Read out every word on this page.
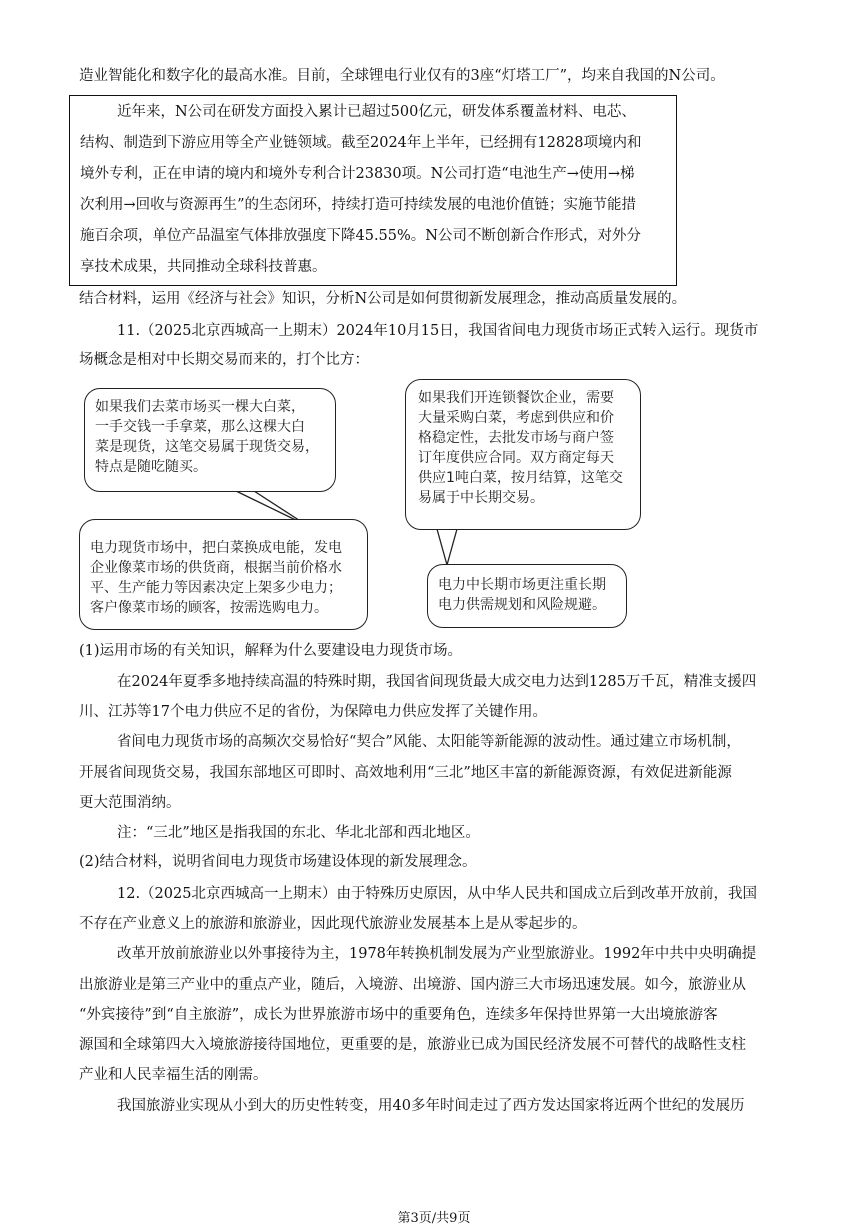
造业智能化和数字化的最高水准。目前，全球锂电行业仅有的3座“灯塔工厂”，均来自我国的N公司。
近年来，N公司在研发方面投入累计已超过500亿元，研发体系覆盖材料、电芯、
结构、制造到下游应用等全产业链领域。截至2024年上半年，已经拥有12828项境内和
境外专利，正在申请的境内和境外专利合计23830项。N公司打造“电池生产→使用→梯
次利用→回收与资源再生”的生态闭环，持续打造可持续发展的电池价值链；实施节能措
施百余项，单位产品温室气体排放强度下降45.55%。N公司不断创新合作形式，对外分
享技术成果，共同推动全球科技普惠。
结合材料，运用《经济与社会》知识，分析N公司是如何贯彻新发展理念，推动高质量发展的。
11.（2025北京西城高一上期末）2024年10月15日，我国省间电力现货市场正式转入运行。现货市
场概念是相对中长期交易而来的，打个比方：
如果我们去菜市场买一棵大白菜，
一手交钱一手拿菜，那么这棵大白
菜是现货，这笔交易属于现货交易，
特点是随吃随买。
如果我们开连锁餐饮企业，需要
大量采购白菜，考虑到供应和价
格稳定性，去批发市场与商户签
订年度供应合同。双方商定每天
供应1吨白菜，按月结算，这笔交
易属于中长期交易。
电力现货市场中，把白菜换成电能，发电
企业像菜市场的供货商，根据当前价格水
平、生产能力等因素决定上架多少电力；
客户像菜市场的顾客，按需选购电力。
电力中长期市场更注重长期
电力供需规划和风险规避。
(1)运用市场的有关知识，解释为什么要建设电力现货市场。
在2024年夏季多地持续高温的特殊时期，我国省间现货最大成交电力达到1285万千瓦，精准支援四
川、江苏等17个电力供应不足的省份，为保障电力供应发挥了关键作用。
省间电力现货市场的高频次交易恰好“契合”风能、太阳能等新能源的波动性。通过建立市场机制，
开展省间现货交易，我国东部地区可即时、高效地利用“三北”地区丰富的新能源资源，有效促进新能源
更大范围消纳。
注：“三北”地区是指我国的东北、华北北部和西北地区。
(2)结合材料，说明省间电力现货市场建设体现的新发展理念。
12.（2025北京西城高一上期末）由于特殊历史原因，从中华人民共和国成立后到改革开放前，我国
不存在产业意义上的旅游和旅游业，因此现代旅游业发展基本上是从零起步的。
改革开放前旅游业以外事接待为主，1978年转换机制发展为产业型旅游业。1992年中共中央明确提
出旅游业是第三产业中的重点产业，随后，入境游、出境游、国内游三大市场迅速发展。如今，旅游业从
“外宾接待”到“自主旅游”，成长为世界旅游市场中的重要角色，连续多年保持世界第一大出境旅游客
源国和全球第四大入境旅游接待国地位，更重要的是，旅游业已成为国民经济发展不可替代的战略性支柱
产业和人民幸福生活的刚需。
我国旅游业实现从小到大的历史性转变，用40多年时间走过了西方发达国家将近两个世纪的发展历
第3页/共9页
